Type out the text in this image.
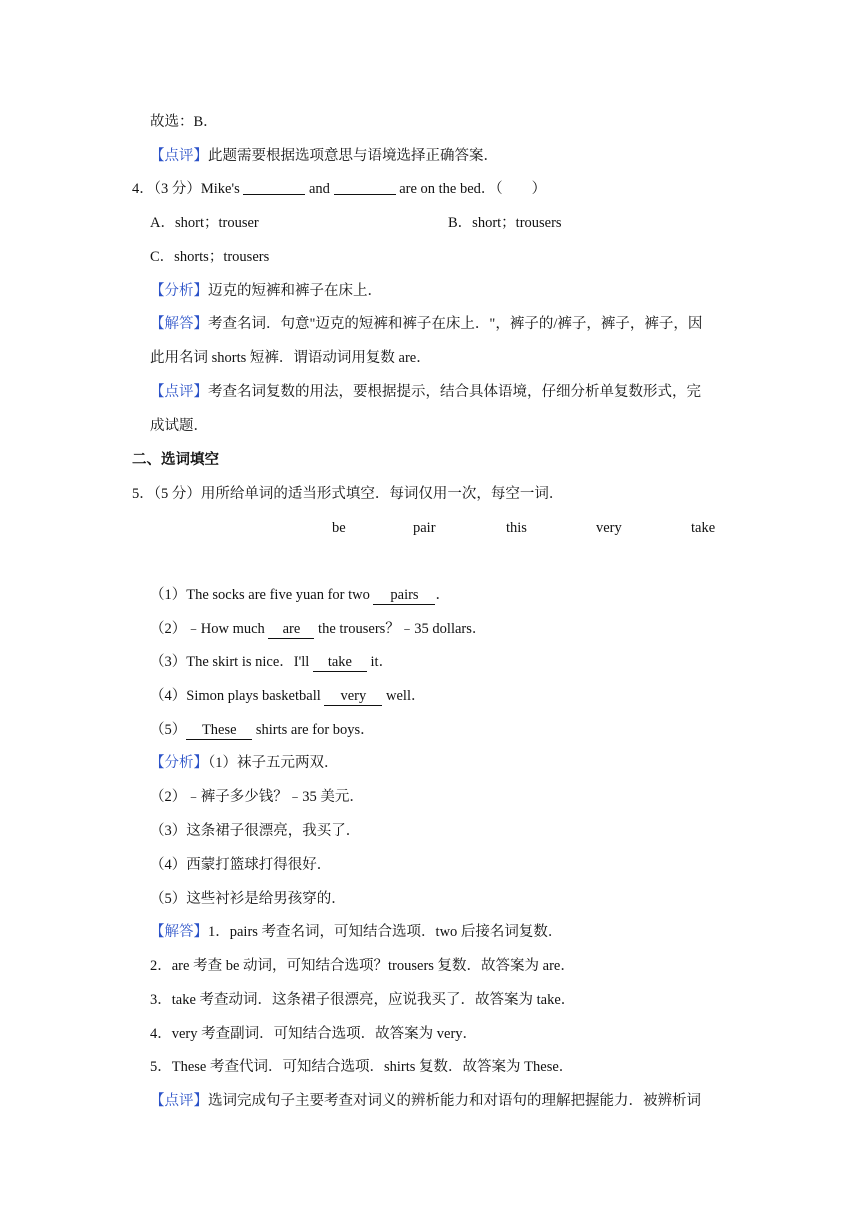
故选：B．
【点评】此题需要根据选项意思与语境选择正确答案．
4．（3 分）Mike's	and	are on the bed．（　　）
A．short；trouser	B．short；trousers
C．shorts；trousers
【分析】迈克的短裤和裤子在床上．
【解答】考查名词．句意"迈克的短裤和裤子在床上．"，裤子的/裤子，裤子，裤子，因
此用名词 shorts 短裤．谓语动词用复数 are．
【点评】考查名词复数的用法，要根据提示，结合具体语境，仔细分析单复数形式，完
成试题．
二、选词填空
5．（5 分）用所给单词的适当形式填空．每词仅用一次，每空一词．
be	pair	this	very	take
（1）The socks are five yuan for two pairs ．
（2）﹣How much are the trousers？﹣35 dollars．
（3）The skirt is nice．I'll take it．
（4）Simon plays basketball very well．
（5） These shirts are for boys．
【分析】（1）袜子五元两双．
（2）﹣裤子多少钱？﹣35 美元．
（3）这条裙子很漂亮，我买了．
（4）西蒙打篮球打得很好．
（5）这些衬衫是给男孩穿的．
【解答】1．pairs 考查名词，可知结合选项．two 后接名词复数．
2．are 考查 be 动词，可知结合选项？trousers 复数．故答案为 are．
3．take 考查动词．这条裙子很漂亮，应说我买了．故答案为 take．
4．very 考查副词．可知结合选项．故答案为 very．
5．These 考查代词．可知结合选项．shirts 复数．故答案为 These．
【点评】选词完成句子主要考查对词义的辨析能力和对语句的理解把握能力．被辨析词
